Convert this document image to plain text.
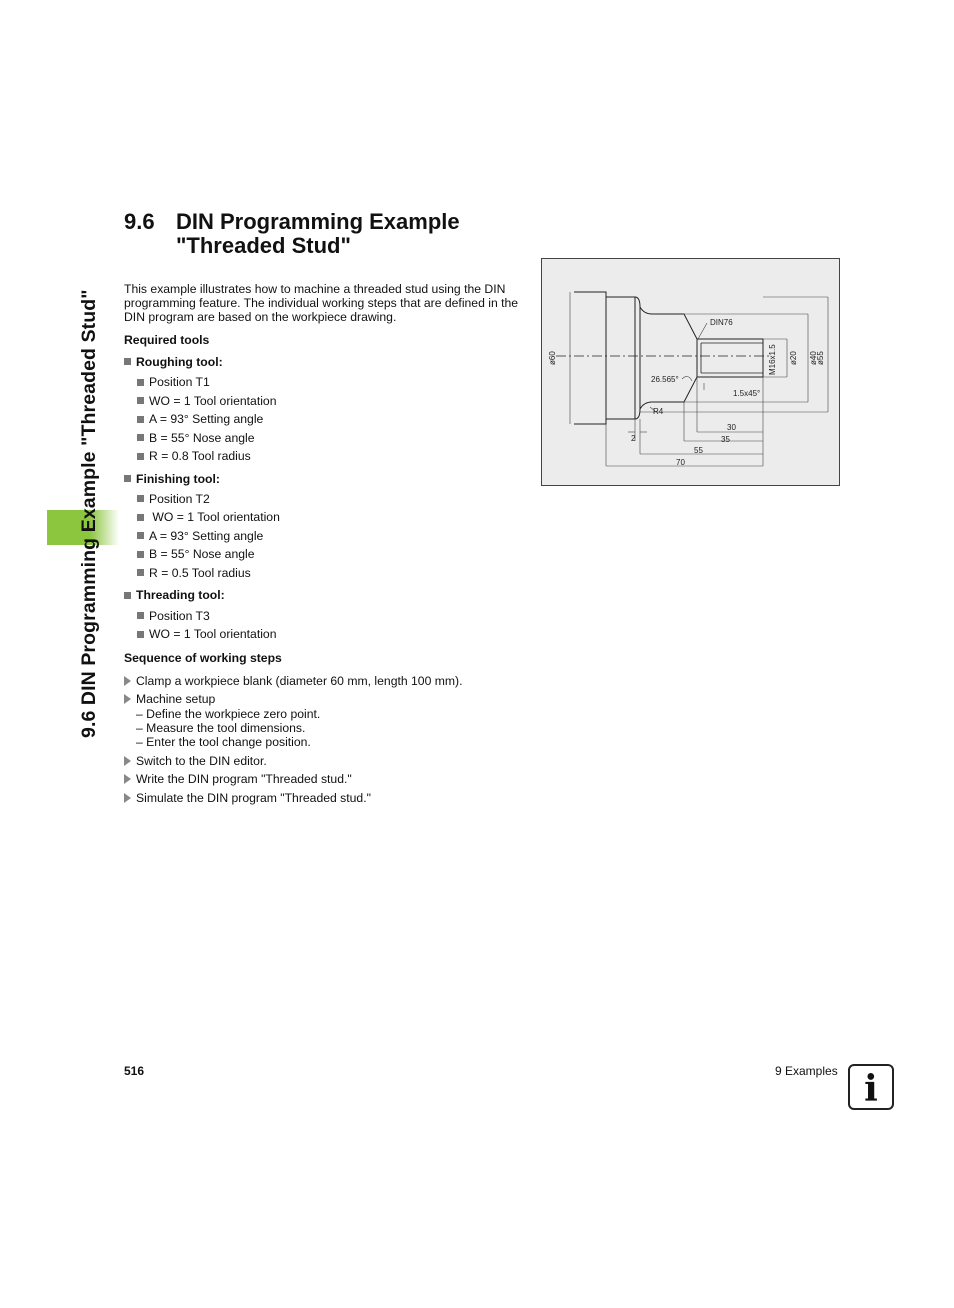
9.6 DIN Programming Example "Threaded Stud"
9.6 DIN Programming Example
"Threaded Stud"

This example illustrates how to machine a threaded stud using the DIN programming feature. The individual working steps that are defined in the DIN program are based on the workpiece drawing.

Required tools

Roughing tool:
Position T1
WO = 1 Tool orientation
A = 93° Setting angle
B = 55° Nose angle
R = 0.8 Tool radius
Finishing tool:
Position T2
WO = 1 Tool orientation
A = 93° Setting angle
B = 55° Nose angle
R = 0.5 Tool radius
Threading tool:
Position T3
WO = 1 Tool orientation

Sequence of working steps

Clamp a workpiece blank (diameter 60 mm, length 100 mm).
Machine setup
– Define the workpiece zero point.
– Measure the tool dimensions.
– Enter the tool change position.
Switch to the DIN editor.
Write the DIN program "Threaded stud."
Simulate the DIN program "Threaded stud."
DIN76
M16x1.5
ø60	ø20 ø40
ø55
26.565°
1.5x45°
R4
2
30
35
55
70
516	9 Examples i
